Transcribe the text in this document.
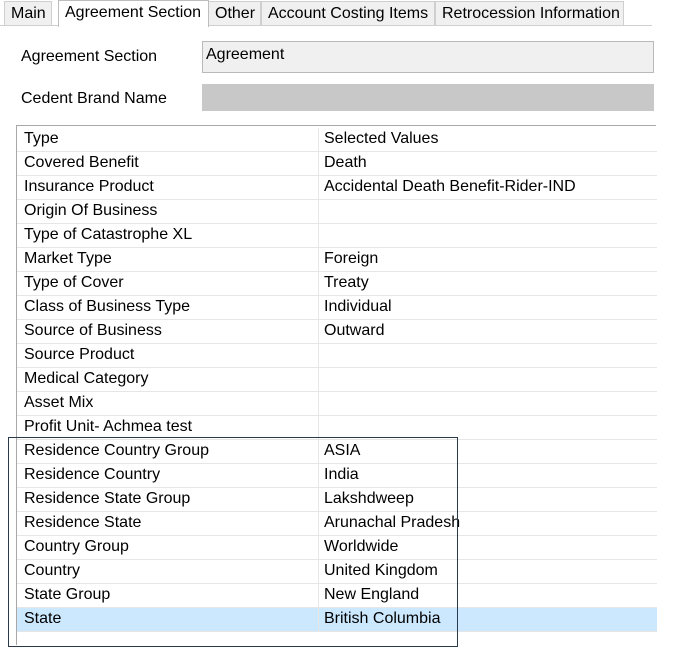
Main	Agreement Section Other Account Costing Items Retrocession Information
Agreement Section	Agreement
Cedent Brand Name
Type	Selected Values
Covered Benefit	Death
Insurance Product	Accidental Death Benefit-Rider-IND
Origin Of Business
Type of Catastrophe XL
Market Type	Foreign
Type of Cover	Treaty
Class of Business Type	Individual
Source of Business	Outward
Source Product
Medical Category
Asset Mix
Profit Unit- Achmea test
Residence Country Group	ASIA
Residence Country	India
Residence State Group	Lakshdweep
Residence State	Arunachal Pradesh
Country Group	Worldwide
Country	United Kingdom
State Group	New England
State	British Columbia
